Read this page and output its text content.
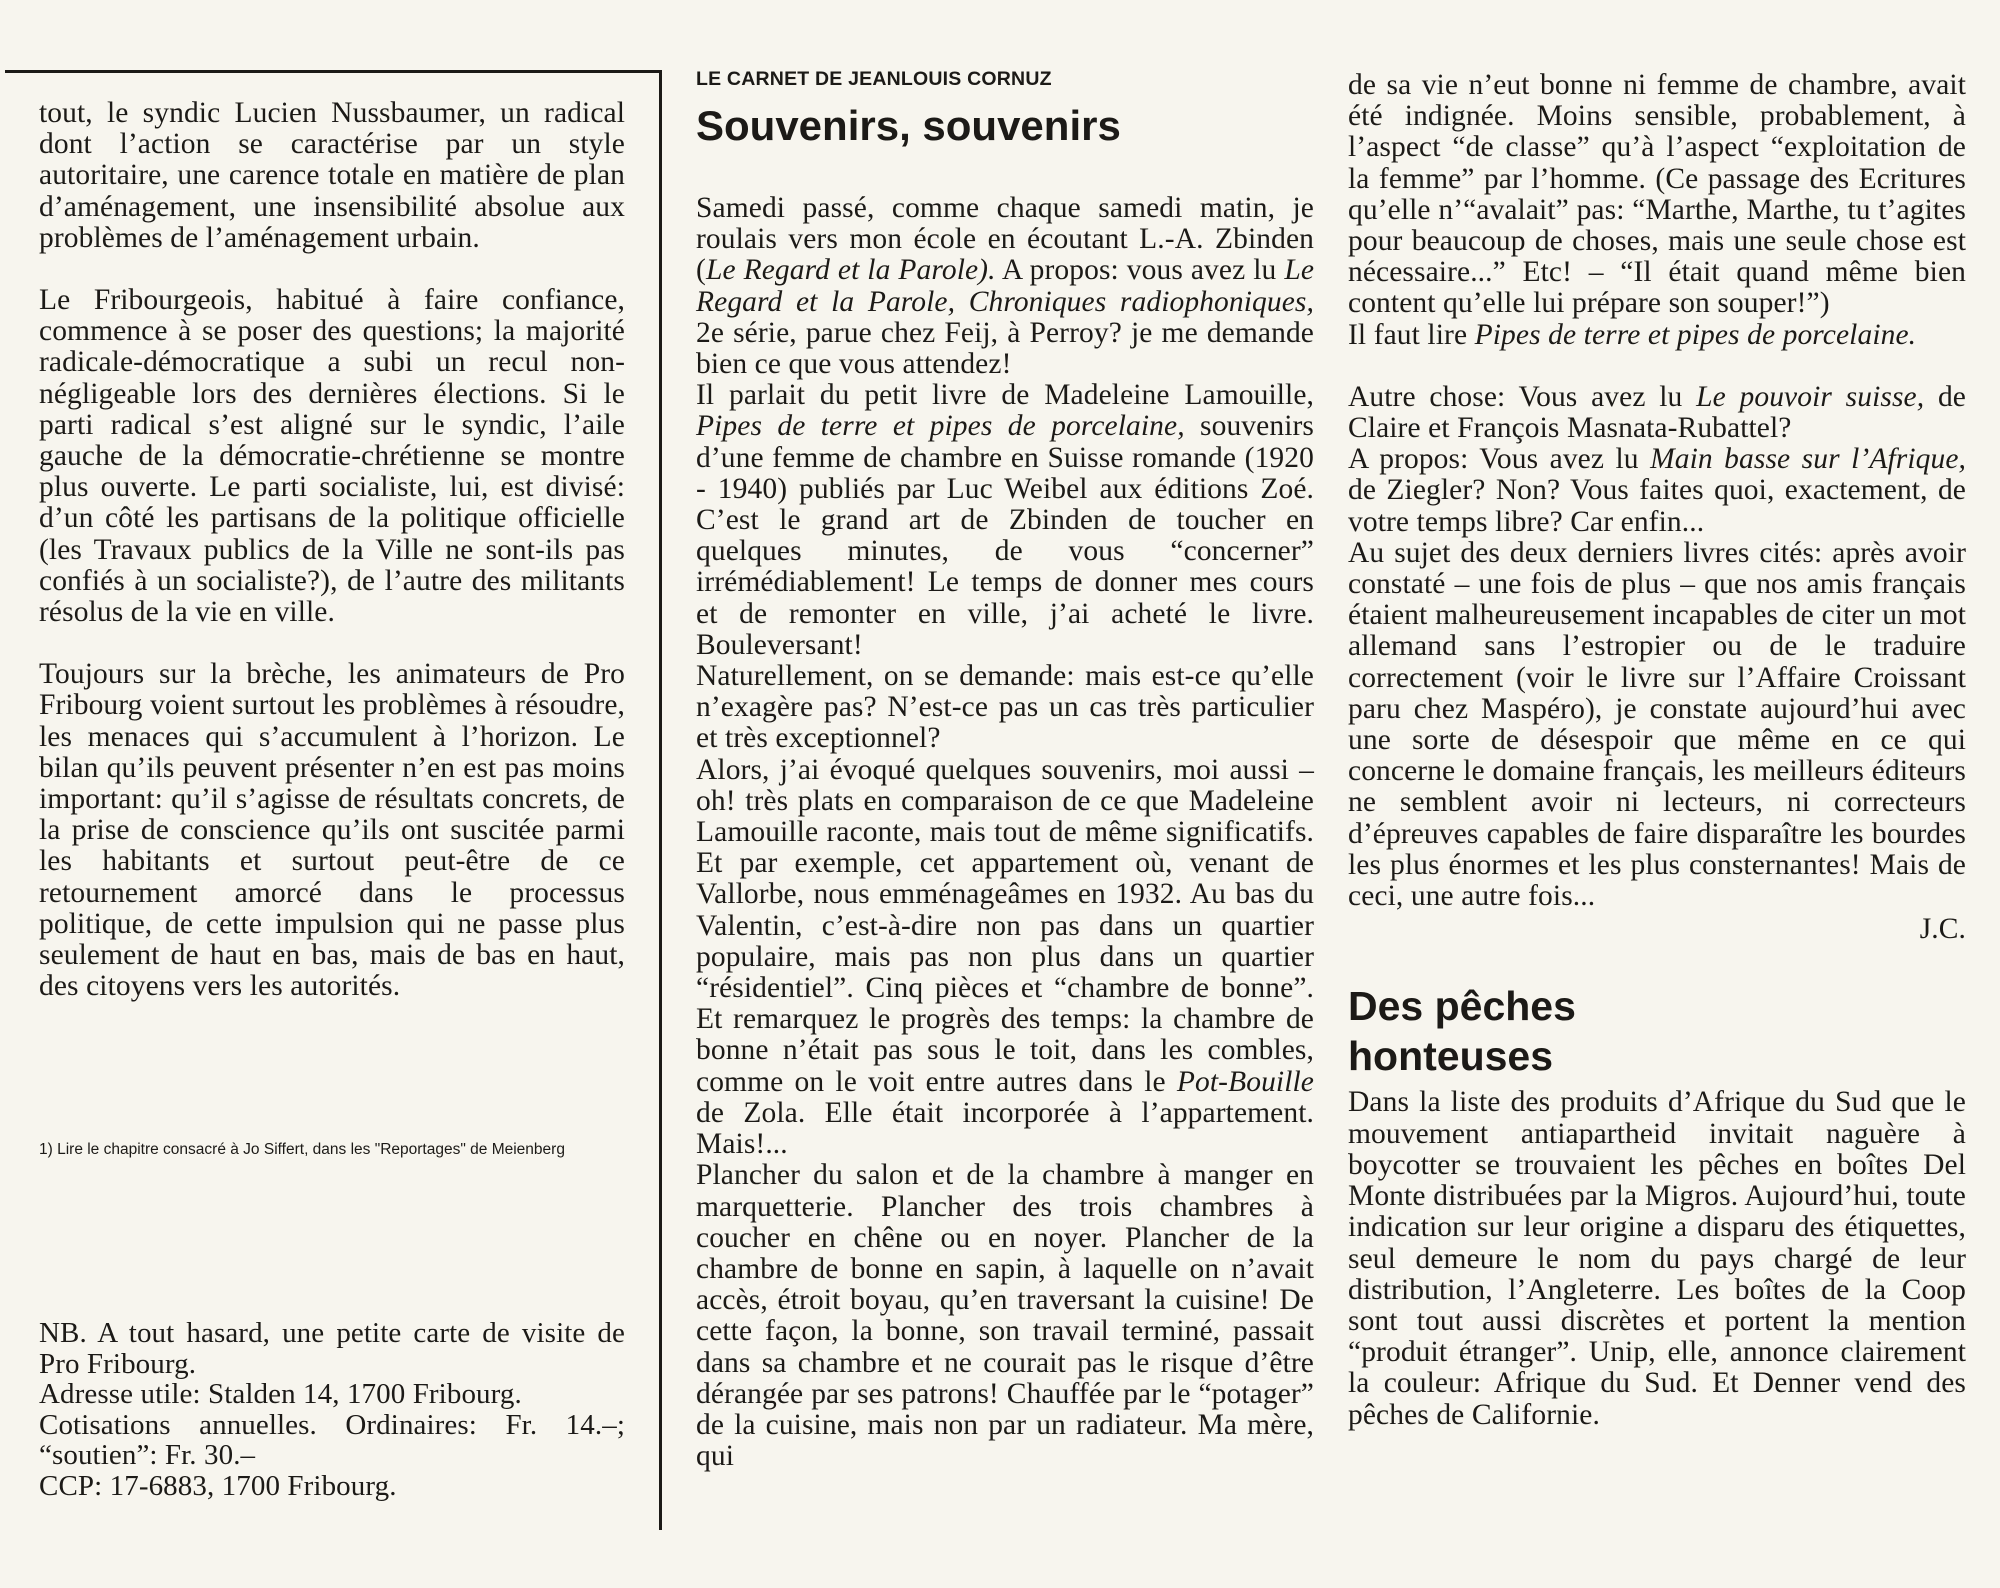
tout, le syndic Lucien Nussbaumer, un radical dont l’action se caractérise par un style autoritaire, une carence totale en matière de plan d’aménagement, une insensibilité absolue aux problèmes de l’aménagement urbain.

Le Fribourgeois, habitué à faire confiance, commence à se poser des questions; la majorité radicale-démocratique a subi un recul non-négligeable lors des dernières élections. Si le parti radical s’est aligné sur le syndic, l’aile gauche de la démocratie-chrétienne se montre plus ouverte. Le parti socialiste, lui, est divisé: d’un côté les partisans de la politique officielle (les Travaux publics de la Ville ne sont-ils pas confiés à un socialiste?), de l’autre des militants résolus de la vie en ville.

Toujours sur la brèche, les animateurs de Pro Fribourg voient surtout les problèmes à résoudre, les menaces qui s’accumulent à l’horizon. Le bilan qu’ils peuvent présenter n’en est pas moins important: qu’il s’agisse de résultats concrets, de la prise de conscience qu’ils ont suscitée parmi les habitants et surtout peut-être de ce retournement amorcé dans le processus politique, de cette impulsion qui ne passe plus seulement de haut en bas, mais de bas en haut, des citoyens vers les autorités.

1) Lire le chapitre consacré à Jo Siffert, dans les "Reportages" de Meienberg

NB. A tout hasard, une petite carte de visite de Pro Fribourg.

Adresse utile: Stalden 14, 1700 Fribourg.

Cotisations annuelles. Ordinaires: Fr. 14.–; “soutien”: Fr. 30.–

CCP: 17-6883, 1700 Fribourg.

LE CARNET DE JEANLOUIS CORNUZ
Souvenirs, souvenirs

Samedi passé, comme chaque samedi matin, je roulais vers mon école en écoutant L.-A. Zbinden (Le Regard et la Parole). A propos: vous avez lu Le Regard et la Parole, Chroniques radiophoniques, 2e série, parue chez Feij, à Perroy? je me demande bien ce que vous attendez!

Il parlait du petit livre de Madeleine Lamouille, Pipes de terre et pipes de porcelaine, souvenirs d’une femme de chambre en Suisse romande (1920 - 1940) publiés par Luc Weibel aux éditions Zoé. C’est le grand art de Zbinden de toucher en quelques minutes, de vous “concerner” irrémédiablement! Le temps de donner mes cours et de remonter en ville, j’ai acheté le livre. Bouleversant!

Naturellement, on se demande: mais est-ce qu’elle n’exagère pas? N’est-ce pas un cas très particulier et très exceptionnel?

Alors, j’ai évoqué quelques souvenirs, moi aussi – oh! très plats en comparaison de ce que Madeleine Lamouille raconte, mais tout de même significatifs. Et par exemple, cet appartement où, venant de Vallorbe, nous emménageâmes en 1932. Au bas du Valentin, c’est-à-dire non pas dans un quartier populaire, mais pas non plus dans un quartier “résidentiel”. Cinq pièces et “chambre de bonne”. Et remarquez le progrès des temps: la chambre de bonne n’était pas sous le toit, dans les combles, comme on le voit entre autres dans le Pot-Bouille de Zola. Elle était incorporée à l’appartement. Mais!...

Plancher du salon et de la chambre à manger en marquetterie. Plancher des trois chambres à coucher en chêne ou en noyer. Plancher de la chambre de bonne en sapin, à laquelle on n’avait accès, étroit boyau, qu’en traversant la cuisine! De cette façon, la bonne, son travail terminé, passait dans sa chambre et ne courait pas le risque d’être dérangée par ses patrons! Chauffée par le “potager” de la cuisine, mais non par un radiateur. Ma mère, qui

de sa vie n’eut bonne ni femme de chambre, avait été indignée. Moins sensible, probablement, à l’aspect “de classe” qu’à l’aspect “exploitation de la femme” par l’homme. (Ce passage des Ecritures qu’elle n’“avalait” pas: “Marthe, Marthe, tu t’agites pour beaucoup de choses, mais une seule chose est nécessaire...” Etc! – “Il était quand même bien content qu’elle lui prépare son souper!”)

Il faut lire Pipes de terre et pipes de porcelaine.

Autre chose: Vous avez lu Le pouvoir suisse, de Claire et François Masnata-Rubattel?

A propos: Vous avez lu Main basse sur l’Afrique, de Ziegler? Non? Vous faites quoi, exactement, de votre temps libre? Car enfin...

Au sujet des deux derniers livres cités: après avoir constaté – une fois de plus – que nos amis français étaient malheureusement incapables de citer un mot allemand sans l’estropier ou de le traduire correctement (voir le livre sur l’Affaire Croissant paru chez Maspéro), je constate aujourd’hui avec une sorte de désespoir que même en ce qui concerne le domaine français, les meilleurs éditeurs ne semblent avoir ni lecteurs, ni correcteurs d’épreuves capables de faire disparaître les bourdes les plus énormes et les plus consternantes! Mais de ceci, une autre fois...

J.C.

Des pêches
honteuses

Dans la liste des produits d’Afrique du Sud que le mouvement antiapartheid invitait naguère à boycotter se trouvaient les pêches en boîtes Del Monte distribuées par la Migros. Aujourd’hui, toute indication sur leur origine a disparu des étiquettes, seul demeure le nom du pays chargé de leur distribution, l’Angleterre. Les boîtes de la Coop sont tout aussi discrètes et portent la mention “produit étranger”. Unip, elle, annonce clairement la couleur: Afrique du Sud. Et Denner vend des pêches de Californie.
